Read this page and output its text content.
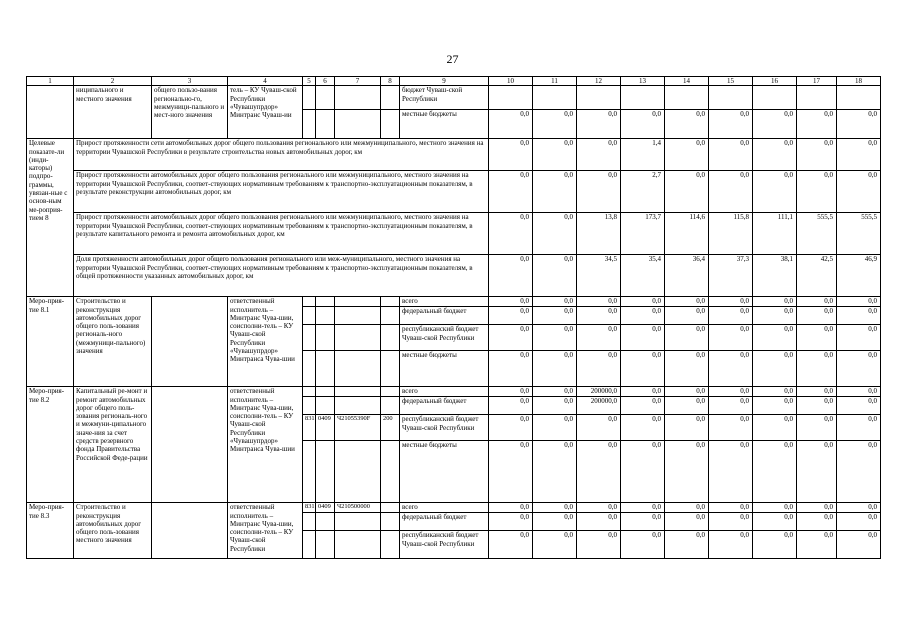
27
1	2	3	4	5	6	7	8	9	10	11	12	13	14	15	16	17	18
	ниципального и местного значения	общего пользо-вания регионально-го, межмуници-пального и мест-ного значения	тель – КУ Чуваш-ской Республики «Чувашупрдор» Минтранс Чуваш-ии					бюджет Чуваш-ской Республики									
								местные бюджеты	0,0	0,0	0,0	0,0	0,0	0,0	0,0	0,0	0,0
Целевые показате-ли (инди-каторы) подпро-граммы, увязан-ные с основ-ным ме-роприя-тием 8	Прирост протяженности сети автомобильных дорог общего пользования регионального или межмуниципального, местного значения на территории Чувашской Республики в результате строительства новых автомобильных дорог, км								0,0	0,0	0,0	1,4	0,0	0,0	0,0	0,0	0,0
	Прирост протяженности автомобильных дорог общего пользования регионального или межмуниципального, местного значения на территории Чувашской Республики, соответ-ствующих нормативным требованиям к транспортно-эксплуатационным показателям, в результате реконструкции автомобильных дорог, км								0,0	0,0	0,0	2,7	0,0	0,0	0,0	0,0	0,0
	Прирост протяженности автомобильных дорог общего пользования регионального или межмуниципального, местного значения на территории Чувашской Республики, соответ-ствующих нормативным требованиям к транспортно-эксплуатационным показателям, в результате капитального ремонта и ремонта автомобильных дорог, км								0,0	0,0	13,8	173,7	114,6	115,8	111,1	555,5	555,5
	Доля протяженности автомобильных дорог общего пользования регионального или меж-муниципального, местного значения на территории Чувашской Республики, соответ-ствующих нормативным требованиям к транспортно-эксплуатационным показателям, в общей протяженности указанных автомобильных дорог, км								0,0	0,0	34,5	35,4	36,4	37,3	38,1	42,5	46,9
Меро-прия-тие 8.1	Строительство и реконструкция автомобильных дорог общего поль-зования региональ-ного (межмуници-пального) значения		ответственный исполнитель – Минтранс Чува-шии, соисполни-тель – КУ Чуваш-ской Республики «Чувашупрдор» Минтранса Чува-шии					всего	0,0	0,0	0,0	0,0	0,0	0,0	0,0	0,0	0,0
								федеральный бюджет	0,0	0,0	0,0	0,0	0,0	0,0	0,0	0,0	0,0
								республиканский бюджет Чуваш-ской Республики	0,0	0,0	0,0	0,0	0,0	0,0	0,0	0,0	0,0
								местные бюджеты	0,0	0,0	0,0	0,0	0,0	0,0	0,0	0,0	0,0
Меро-прия-тие 8.2	Капитальный ре-монт и ремонт автомобильных дорог общего поль-зования региональ-ного и межмуни-ципального значе-ния за счет средств резервного фонда Правительства Российской Феде-рации		ответственный исполнитель – Минтранс Чува-шии, соисполни-тель – КУ Чуваш-ской Республики «Чувашупрдор» Минтранса Чува-шии					всего	0,0	0,0	200000,0	0,0	0,0	0,0	0,0	0,0	0,0
								федеральный бюджет	0,0	0,0	200000,0	0,0	0,0	0,0	0,0	0,0	0,0
				831	0409	Ч21055390F	200	республиканский бюджет Чуваш-ской Республики	0,0	0,0	0,0	0,0	0,0	0,0	0,0	0,0	0,0
								местные бюджеты	0,0	0,0	0,0	0,0	0,0	0,0	0,0	0,0	0,0
Меро-прия-тие 8.3	Строительство и реконструкция автомобильных дорог общего поль-зования местного значения		ответственный исполнитель – Минтранс Чува-шии, соисполни-тель – КУ Чуваш-ской Республики	831	0409	Ч210500000		всего	0,0	0,0	0,0	0,0	0,0	0,0	0,0	0,0	0,0
								федеральный бюджет	0,0	0,0	0,0	0,0	0,0	0,0	0,0	0,0	0,0
								республиканский бюджет Чуваш-ской Республики	0,0	0,0	0,0	0,0	0,0	0,0	0,0	0,0	0,0
